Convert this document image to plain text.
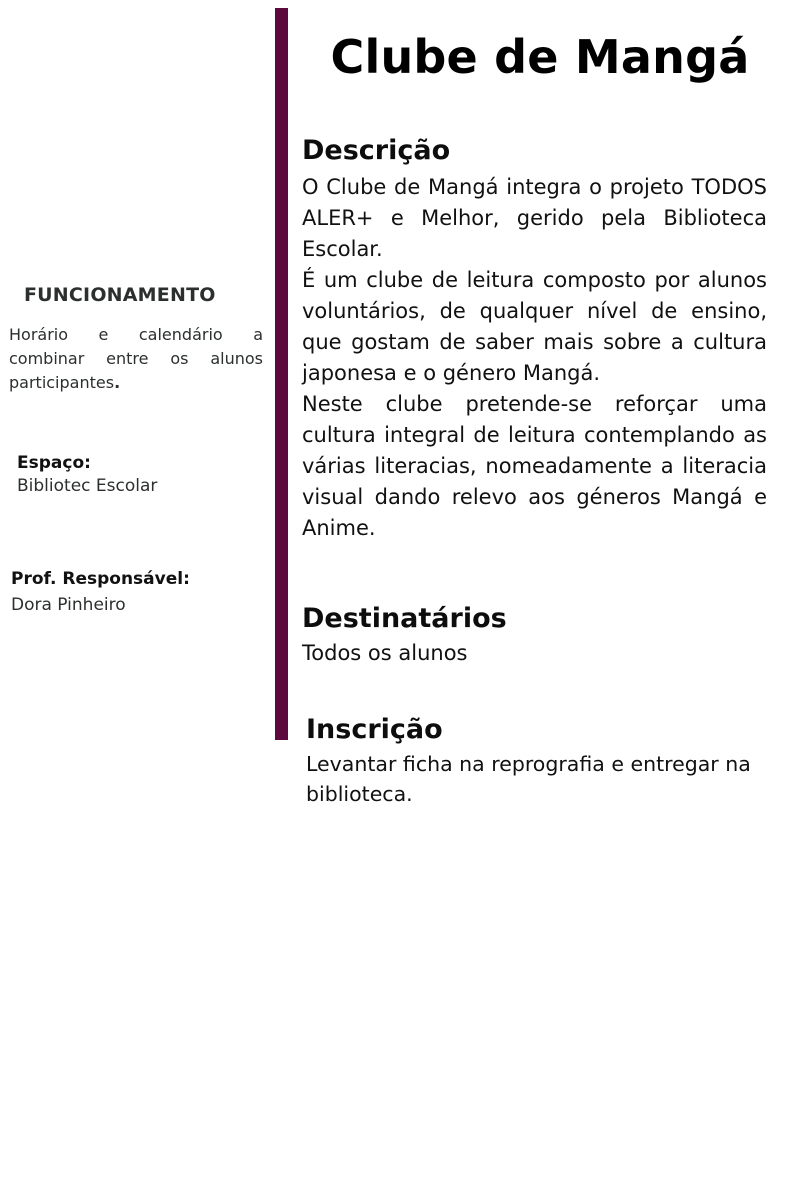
FUNCIONAMENTO
Horário e calendário a combinar entre os alunos participantes.
Espaço:
Bibliotec Escolar
Prof. Responsável:
Dora Pinheiro
Clube de Mangá
Descrição

O Clube de Mangá integra o projeto TODOS ALER+ e Melhor, gerido pela Biblioteca Escolar.

É um clube de leitura composto por alunos voluntários, de qualquer nível de ensino, que gostam de saber mais sobre a cultura japonesa e o género Mangá.

Neste clube pretende-se reforçar uma cultura integral de leitura contemplando as várias literacias, nomeadamente a literacia visual dando relevo aos géneros Mangá e Anime.

Destinatários
Todos os alunos
Inscrição
Levantar ficha na reprografia e entregar na biblioteca.
